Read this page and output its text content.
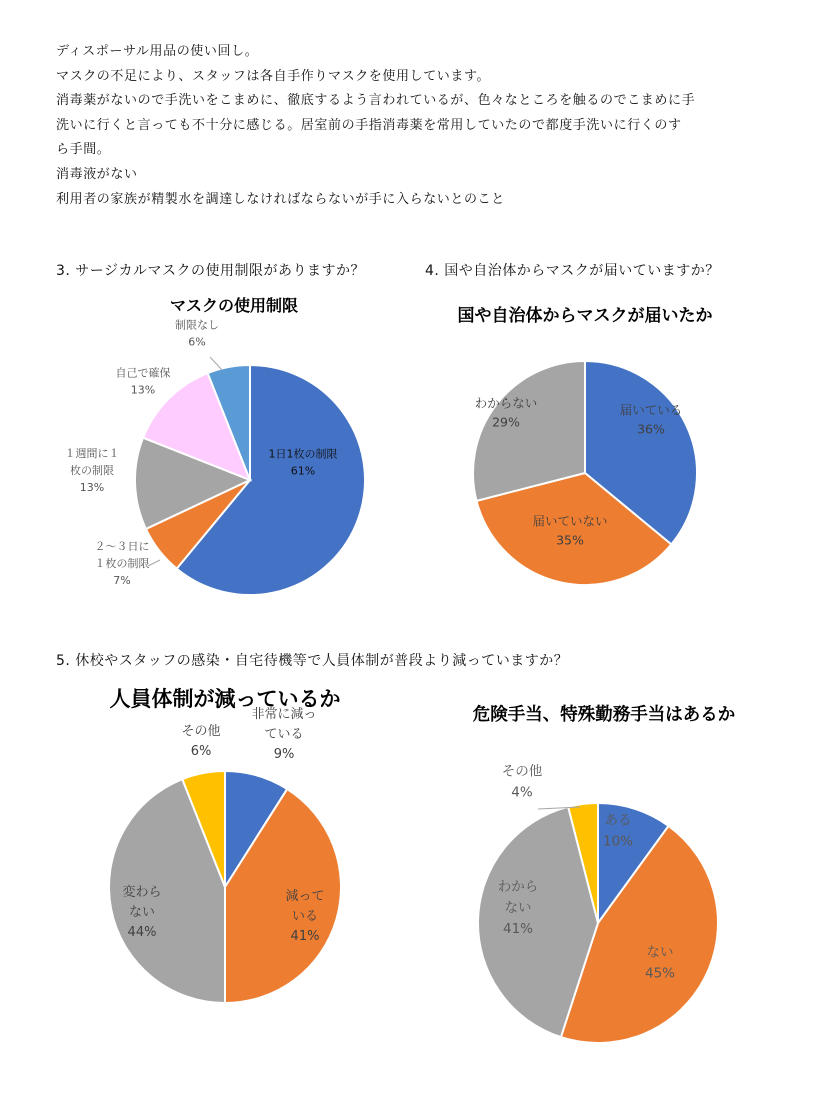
ディスポーサル用品の使い回し。
マスクの不足により、スタッフは各自手作りマスクを使用しています。
消毒薬がないので手洗いをこまめに、徹底するよう言われているが、色々なところを触るのでこまめに手
洗いに行くと言っても不十分に感じる。居室前の手指消毒薬を常用していたので都度手洗いに行くのす
ら手間。
消毒液がない
利用者の家族が精製水を調達しなければならないが手に入らないとのこと
3. サージカルマスクの使用制限がありますか？	4. 国や自治体からマスクが届いていますか？
5. 休校やスタッフの感染・自宅待機等で人員体制が普段より減っていますか？
マスクの使用制限
国や自治体からマスクが届いたか
人員体制が減っているか
危険手当、特殊勤務手当はあるか
1日1枚の制限 61%
２～３日に１枚の制限 7%
１週間に１枚の制限 13%
自己で確保 13%
制限なし 6%
届いている 36%
届いていない 35%
わからない 29%
非常に減っている 9%
減っている 41%
変わらない 44%
その他 6%
ある 10%
ない 45%
わからない 41%
その他 4%
